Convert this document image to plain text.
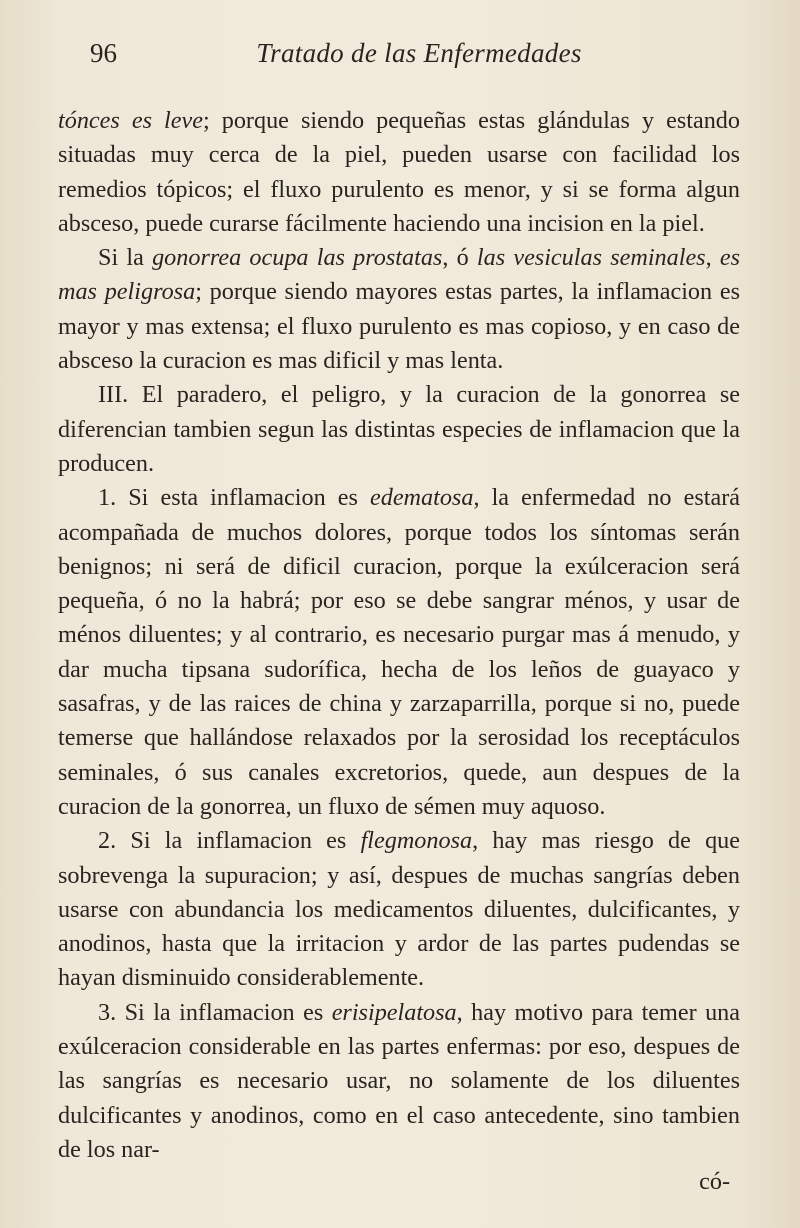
96	Tratado de las Enfermedades

tónces es leve; porque siendo pequeñas estas glándulas y estando situadas muy cerca de la piel, pueden usarse con facilidad los remedios tópicos; el fluxo purulento es menor, y si se forma algun absceso, puede curarse fácilmente haciendo una incision en la piel.

Si la gonorrea ocupa las prostatas, ó las vesiculas seminales, es mas peligrosa; porque siendo mayores estas partes, la inflamacion es mayor y mas extensa; el fluxo purulento es mas copioso, y en caso de absceso la curacion es mas dificil y mas lenta.

III. El paradero, el peligro, y la curacion de la gonorrea se diferencian tambien segun las distintas especies de inflamacion que la producen.

1. Si esta inflamacion es edematosa, la enfermedad no estará acompañada de muchos dolores, porque todos los síntomas serán benignos; ni será de dificil curacion, porque la exúlceracion será pequeña, ó no la habrá; por eso se debe sangrar ménos, y usar de ménos diluentes; y al contrario, es necesario purgar mas á menudo, y dar mucha tipsana sudorífica, hecha de los leños de guayaco y sasafras, y de las raices de china y zarzaparrilla, porque si no, puede temerse que hallándose relaxados por la serosidad los receptáculos seminales, ó sus canales excretorios, quede, aun despues de la curacion de la gonorrea, un fluxo de sémen muy aquoso.

2. Si la inflamacion es flegmonosa, hay mas riesgo de que sobrevenga la supuracion; y así, despues de muchas sangrías deben usarse con abundancia los medicamentos diluentes, dulcificantes, y anodinos, hasta que la irritacion y ardor de las partes pudendas se hayan disminuido considerablemente.

3. Si la inflamacion es erisipelatosa, hay motivo para temer una exúlceracion considerable en las partes enfermas: por eso, despues de las sangrías es necesario usar, no solamente de los diluentes dulcificantes y anodinos, como en el caso antecedente, sino tambien de los nar-

có-
